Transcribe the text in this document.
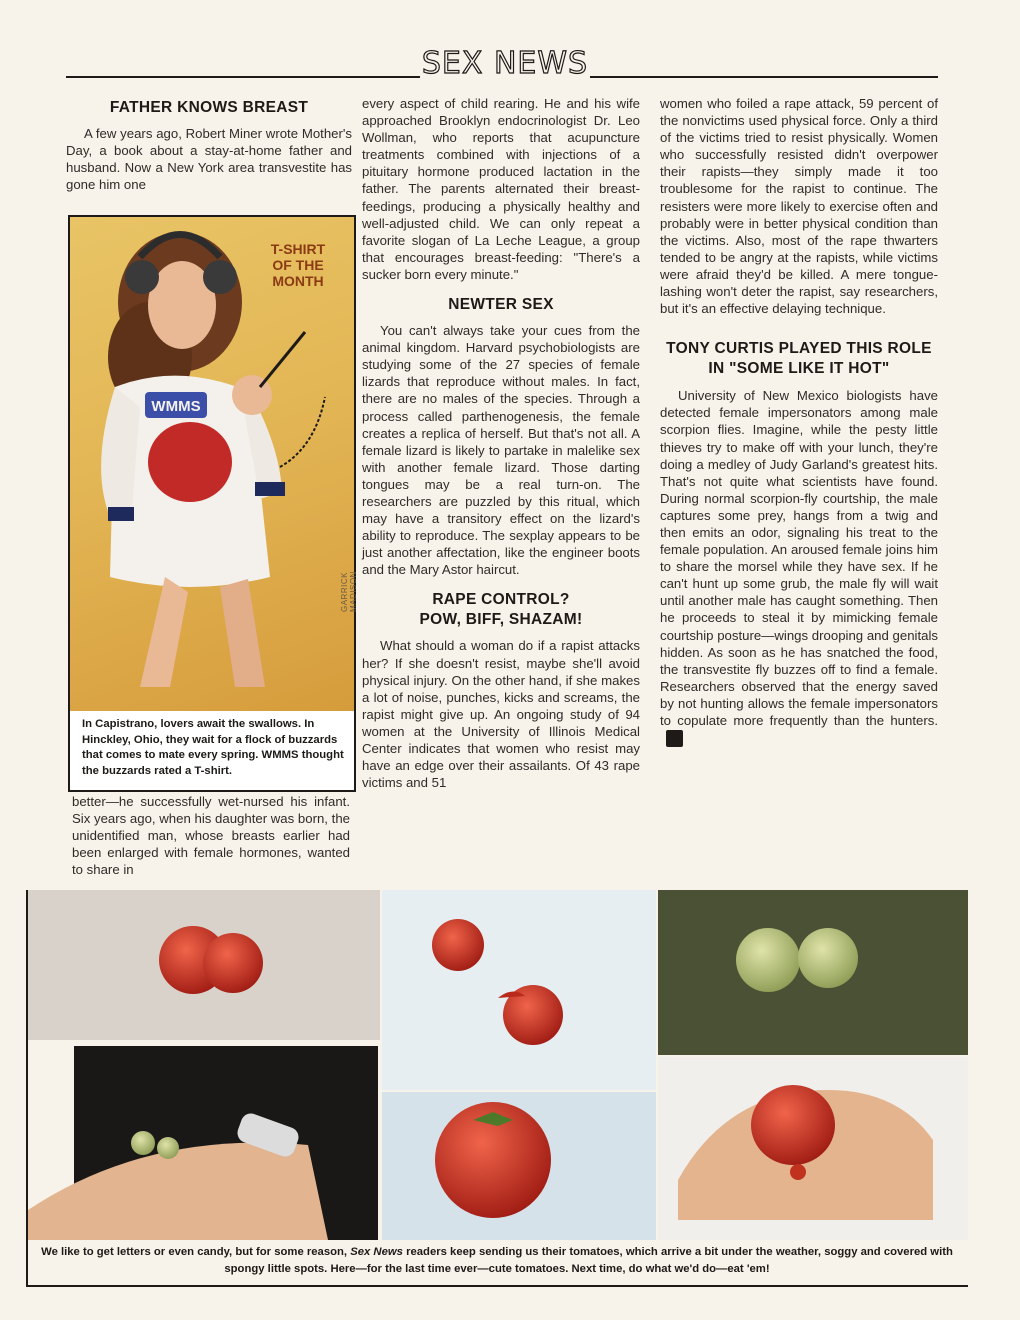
SEX NEWS
FATHER KNOWS BREAST

A few years ago, Robert Miner wrote Mother's Day, a book about a stay-at-home father and husband. Now a New York area transvestite has gone him one

WMMS
T-SHIRT
OF THE
MONTH
GARRICK MADISON
In Capistrano, lovers await the swallows. In Hinckley, Ohio, they wait for a flock of buzzards that comes to mate every spring. WMMS thought the buzzards rated a T-shirt.

better—he successfully wet-nursed his infant. Six years ago, when his daughter was born, the unidentified man, whose breasts earlier had been enlarged with female hormones, wanted to share in

every aspect of child rearing. He and his wife approached Brooklyn endocrinologist Dr. Leo Wollman, who reports that acupuncture treatments combined with injections of a pituitary hormone produced lactation in the father. The parents alternated their breast-feedings, producing a physically healthy and well-adjusted child. We can only repeat a favorite slogan of La Leche League, a group that encourages breast-feeding: "There's a sucker born every minute."

NEWTER SEX

You can't always take your cues from the animal kingdom. Harvard psychobiologists are studying some of the 27 species of female lizards that reproduce without males. In fact, there are no males of the species. Through a process called parthenogenesis, the female creates a replica of herself. But that's not all. A female lizard is likely to partake in malelike sex with another female lizard. Those darting tongues may be a real turn-on. The researchers are puzzled by this ritual, which may have a transitory effect on the lizard's ability to reproduce. The sexplay appears to be just another affectation, like the engineer boots and the Mary Astor haircut.

RAPE CONTROL?
POW, BIFF, SHAZAM!

What should a woman do if a rapist attacks her? If she doesn't resist, maybe she'll avoid physical injury. On the other hand, if she makes a lot of noise, punches, kicks and screams, the rapist might give up. An ongoing study of 94 women at the University of Illinois Medical Center indicates that women who resist may have an edge over their assailants. Of 43 rape victims and 51

women who foiled a rape attack, 59 percent of the nonvictims used physical force. Only a third of the victims tried to resist physically. Women who successfully resisted didn't overpower their rapists—they simply made it too troublesome for the rapist to continue. The resisters were more likely to exercise often and probably were in better physical condition than the victims. Also, most of the rape thwarters tended to be angry at the rapists, while victims were afraid they'd be killed. A mere tongue-lashing won't deter the rapist, say researchers, but it's an effective delaying technique.

TONY CURTIS PLAYED THIS ROLE
IN "SOME LIKE IT HOT"

University of New Mexico biologists have detected female impersonators among male scorpion flies. Imagine, while the pesty little thieves try to make off with your lunch, they're doing a medley of Judy Garland's greatest hits. That's not quite what scientists have found. During normal scorpion-fly courtship, the male captures some prey, hangs from a twig and then emits an odor, signaling his treat to the female population. An aroused female joins him to share the morsel while they have sex. If he can't hunt up some grub, the male fly will wait until another male has caught something. Then he proceeds to steal it by mimicking female courtship posture—wings drooping and genitals hidden. As soon as he has snatched the food, the transvestite fly buzzes off to find a female. Researchers observed that the energy saved by not hunting allows the female impersonators to copulate more frequently than the hunters.Y

We like to get letters or even candy, but for some reason, Sex News readers keep sending us their tomatoes, which arrive a bit under the weather, soggy and covered with spongy little spots. Here—for the last time ever—cute tomatoes. Next time, do what we'd do—eat 'em!
